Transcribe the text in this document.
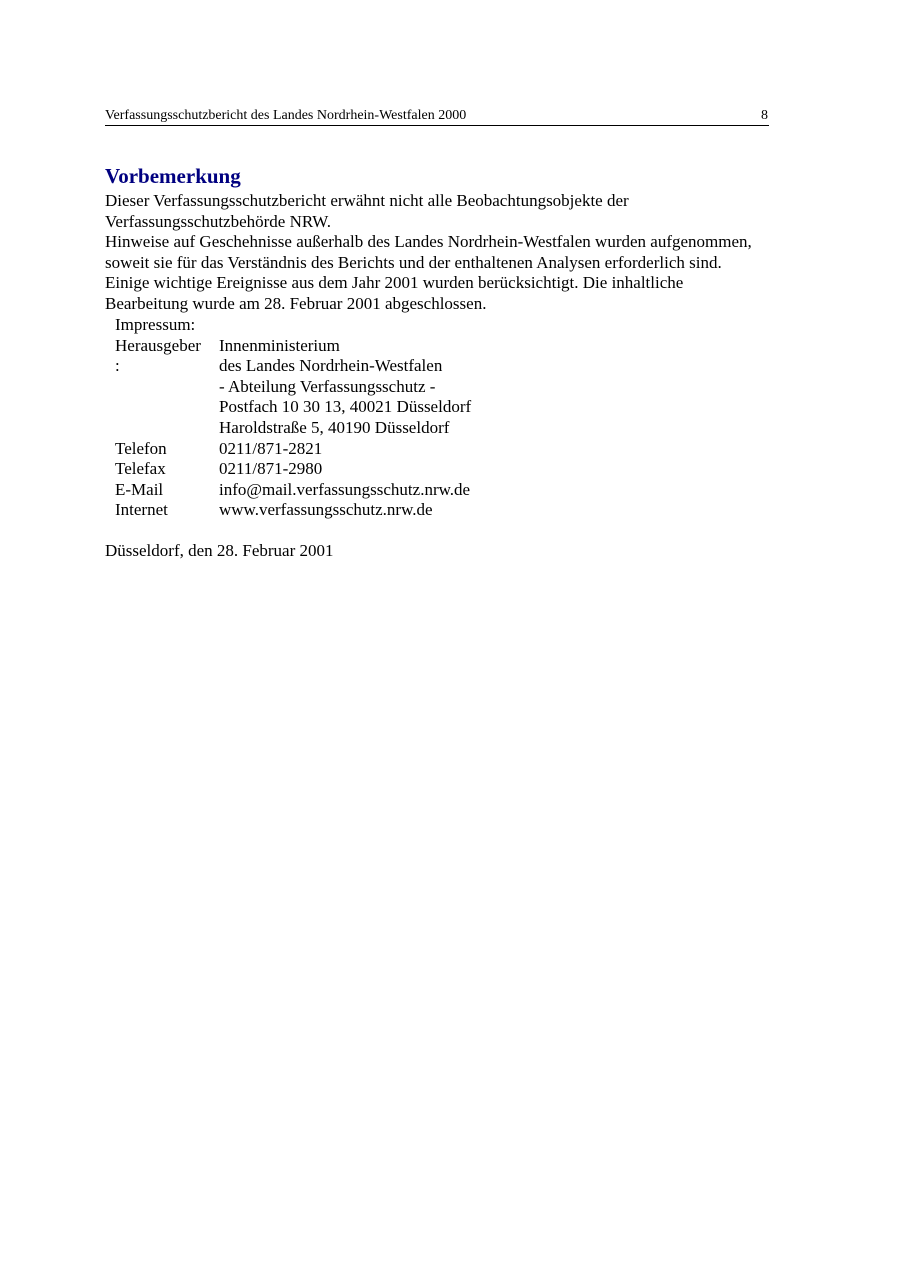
Verfassungsschutzbericht des Landes Nordrhein-Westfalen 2000	8
Vorbemerkung

Dieser Verfassungsschutzbericht erwähnt nicht alle Beobachtungsobjekte der

Verfassungsschutzbehörde NRW.

Hinweise auf Geschehnisse außerhalb des Landes Nordrhein-Westfalen wurden aufgenommen,

soweit sie für das Verständnis des Berichts und der enthaltenen Analysen erforderlich sind.

Einige wichtige Ereignisse aus dem Jahr 2001 wurden berücksichtigt. Die inhaltliche

Bearbeitung wurde am 28. Februar 2001 abgeschlossen.

Impressum:	
Herausgeber	Innenministerium
:	des Landes Nordrhein-Westfalen
	- Abteilung Verfassungsschutz -
	Postfach 10 30 13, 40021 Düsseldorf
	Haroldstraße 5, 40190 Düsseldorf
Telefon	0211/871-2821
Telefax	0211/871-2980
E-Mail	info@mail.verfassungsschutz.nrw.de
Internet	www.verfassungsschutz.nrw.de

Düsseldorf, den 28. Februar 2001
